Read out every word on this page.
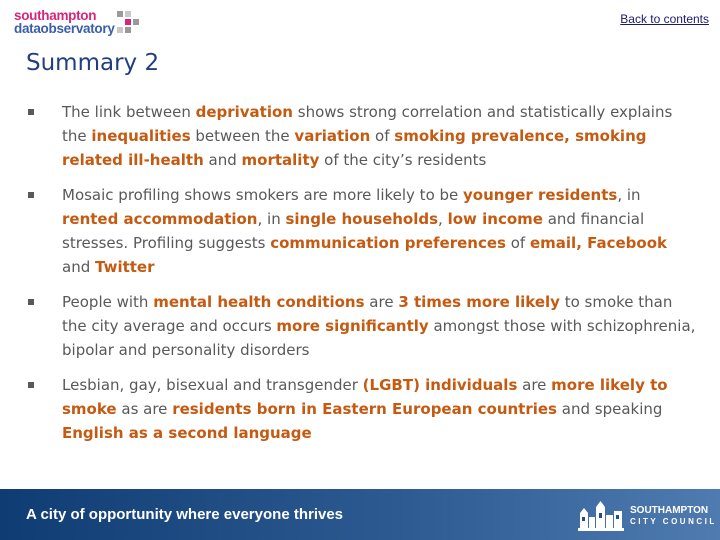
southampton
dataobservatory
Back to contents
Summary 2
The link between deprivation shows strong correlation and statistically explains the inequalities between the variation of smoking prevalence, smoking related ill-health and mortality of the city’s residents
Mosaic profiling shows smokers are more likely to be younger residents, in rented accommodation, in single households, low income and financial stresses. Profiling suggests communication preferences of email, Facebook and Twitter
People with mental health conditions are 3 times more likely to smoke than the city average and occurs more significantly amongst those with schizophrenia, bipolar and personality disorders
Lesbian, gay, bisexual and transgender (LGBT) individuals are more likely to smoke as are residents born in Eastern European countries and speaking English as a second language
A city of opportunity where everyone thrives	SOUTHAMPTON
CITY COUNCIL
